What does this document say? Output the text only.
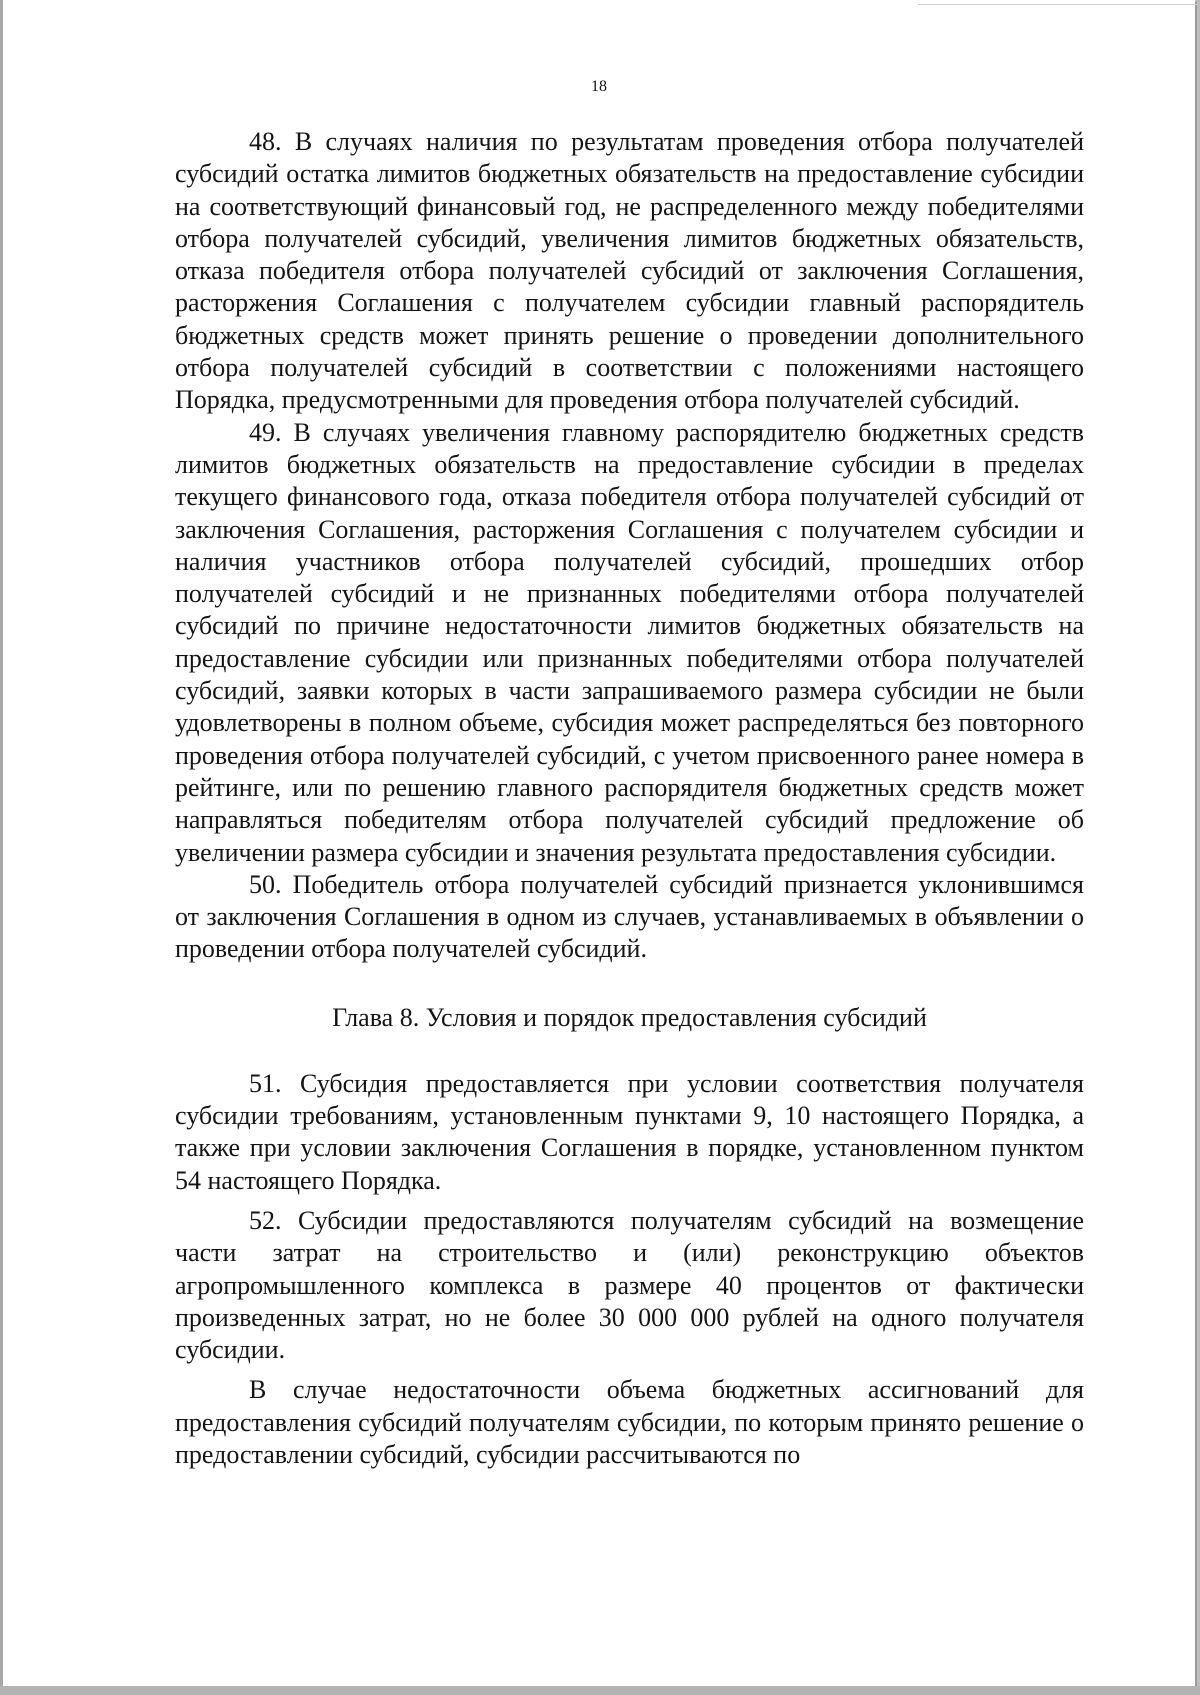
18

48. В случаях наличия по результатам проведения отбора получателей субсидий остатка лимитов бюджетных обязательств на предоставление субсидии на соответствующий финансовый год, не распределенного между победителями отбора получателей субсидий, увеличения лимитов бюджетных обязательств, отказа победителя отбора получателей субсидий от заключения Соглашения, расторжения Соглашения с получателем субсидии главный распорядитель бюджетных средств может принять решение о проведении дополнительного отбора получателей субсидий в соответствии с положениями настоящего Порядка, предусмотренными для проведения отбора получателей субсидий.

49. В случаях увеличения главному распорядителю бюджетных средств лимитов бюджетных обязательств на предоставление субсидии в пределах текущего финансового года, отказа победителя отбора получателей субсидий от заключения Соглашения, расторжения Соглашения с получателем субсидии и наличия участников отбора получателей субсидий, прошедших отбор получателей субсидий и не признанных победителями отбора получателей субсидий по причине недостаточности лимитов бюджетных обязательств на предоставление субсидии или признанных победителями отбора получателей субсидий, заявки которых в части запрашиваемого размера субсидии не были удовлетворены в полном объеме, субсидия может распределяться без повторного проведения отбора получателей субсидий, с учетом присвоенного ранее номера в рейтинге, или по решению главного распорядителя бюджетных средств может направляться победителям отбора получателей субсидий предложение об увеличении размера субсидии и значения результата предоставления субсидии.

50. Победитель отбора получателей субсидий признается уклонившимся от заключения Соглашения в одном из случаев, устанавливаемых в объявлении о проведении отбора получателей субсидий.

Глава 8. Условия и порядок предоставления субсидий

51. Субсидия предоставляется при условии соответствия получателя субсидии требованиям, установленным пунктами 9, 10 настоящего Порядка, а также при условии заключения Соглашения в порядке, установленном пунктом 54 настоящего Порядка.

52. Субсидии предоставляются получателям субсидий на возмещение части затрат на строительство и (или) реконструкцию объектов агропромышленного комплекса в размере 40 процентов от фактически произведенных затрат, но не более 30 000 000 рублей на одного получателя субсидии.

В случае недостаточности объема бюджетных ассигнований для предоставления субсидий получателям субсидии, по которым принято решение о предоставлении субсидий, субсидии рассчитываются по
